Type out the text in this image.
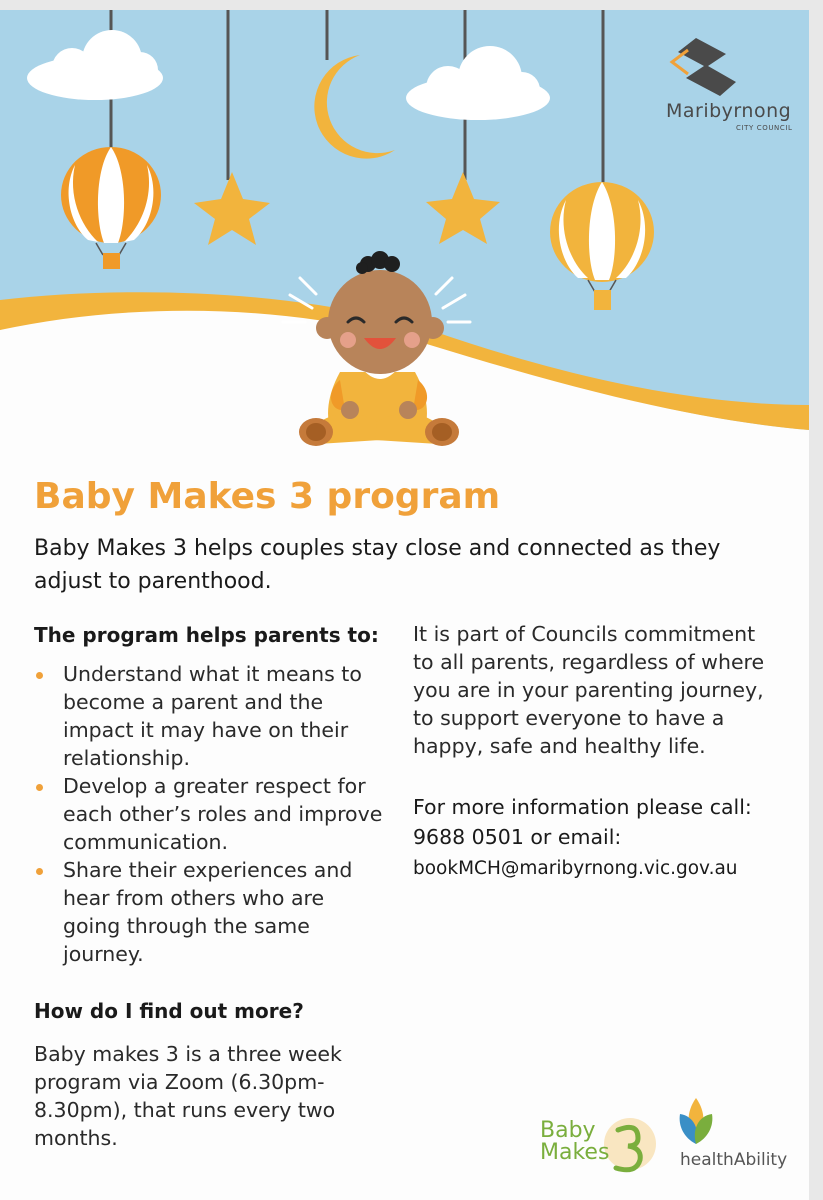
Maribyrnong
CITY COUNCIL
Baby Makes 3 program

Baby Makes 3 helps couples stay close and connected as they adjust to parenthood.

The program helps parents to:

Understand what it means to become a parent and the impact it may have on their relationship.
Develop a greater respect for each other’s roles and improve communication.
Share their experiences and hear from others who are going through the same journey.

How do I find out more?

Baby makes 3 is a three week program via Zoom (6.30pm-8.30pm), that runs every two months.

It is part of Councils commitment to all parents, regardless of where you are in your parenting journey, to support everyone to have a happy, safe and healthy life.

For more information please call: 9688 0501 or email:

bookMCH@maribyrnong.vic.gov.au

Baby
Makes	healthAbility
